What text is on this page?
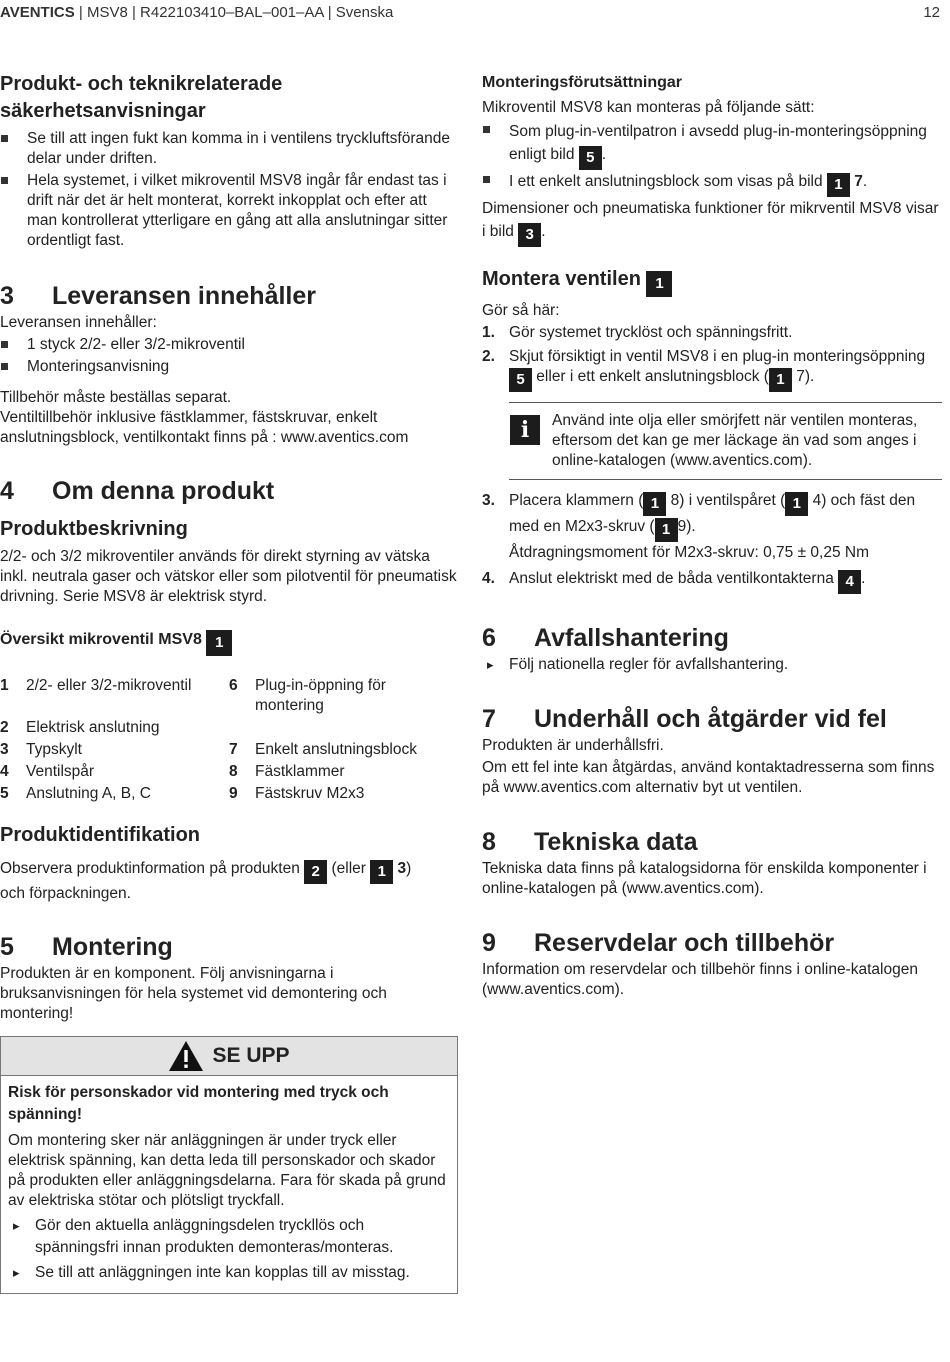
AVENTICS | MSV8 | R422103410–BAL–001–AA | Svenska	12
Produkt- och teknikrelaterade
säkerhetsanvisningar
Se till att ingen fukt kan komma in i ventilens tryckluftsförande delar under driften.
Hela systemet, i vilket mikroventil MSV8 ingår får endast tas i drift när det är helt monterat, korrekt inkopplat och efter att man kontrollerat ytterligare en gång att alla anslutningar sitter ordentligt fast.
3 Leveransen innehåller

Leveransen innehåller:

1 styck 2/2- eller 3/2-mikroventil
Monteringsanvisning

Tillbehör måste beställas separat.

Ventiltillbehör inklusive fästklammer, fästskruvar, enkelt anslutningsblock, ventilkontakt finns på : www.aventics.com

4 Om denna produkt
Produktbeskrivning

2/2- och 3/2 mikroventiler används för direkt styrning av vätska inkl. neutrala gaser och vätskor eller som pilotventil för pneumatisk drivning. Serie MSV8 är elektrisk styrd.

Översikt mikroventil MSV8 1
1	2/2- eller 3/2-mikroventil	6	Plug-in-öppning för montering
2	Elektrisk anslutning
3	Typskylt	7	Enkelt anslutningsblock
4	Ventilspår	8	Fästklammer
5	Anslutning A, B, C	9	Fästskruv M2x3
Produktidentifikation

Observera produktinformation på produkten 2 (eller 1 3)
och förpackningen.

5 Montering

Produkten är en komponent. Följ anvisningarna i bruksanvisningen för hela systemet vid demontering och montering!

SE UPP

Risk för personskador vid montering med tryck och spänning!

Om montering sker när anläggningen är under tryck eller elektrisk spänning, kan detta leda till personskador och skador på produkten eller anläggningsdelarna. Fara för skada på grund av elektriska stötar och plötsligt tryckfall.

▸ Gör den aktuella anläggningsdelen tryckllös och spänningsfri innan produkten demonteras/monteras.
▸ Se till att anläggningen inte kan kopplas till av misstag.
Monteringsförutsättningar

Mikroventil MSV8 kan monteras på följande sätt:

Som plug-in-ventilpatron i avsedd plug-in-monteringsöppning enligt bild 5 .
I ett enkelt anslutningsblock som visas på bild 1 7.

Dimensioner och pneumatiska funktioner för mikrventil MSV8 visar i bild 3 .

Montera ventilen 1

Gör så här:

1. Gör systemet trycklöst och spänningsfritt.
2. Skjut försiktigt in ventil MSV8 i en plug-in monteringsöppning 5 eller i ett enkelt anslutningsblock ( 1 7).
i	Använd inte olja eller smörjfett när ventilen monteras, eftersom det kan ge mer läckage än vad som anges i online-katalogen (www.aventics.com).

3. Placera klammern ( 1 8) i ventilspåret ( 1 4) och fäst den med en M2x3-skruv ( 1 9).
Åtdragningsmoment för M2x3-skruv: 0,75 ± 0,25 Nm
4. Anslut elektriskt med de båda ventilkontakterna 4 .
6 Avfallshantering
▸ Följ nationella regler för avfallshantering.
7 Underhåll och åtgärder vid fel

Produkten är underhållsfri.

Om ett fel inte kan åtgärdas, använd kontaktadresserna som finns på www.aventics.com alternativ byt ut ventilen.

8 Tekniska data

Tekniska data finns på katalogsidorna för enskilda komponenter i online-katalogen på (www.aventics.com).

9 Reservdelar och tillbehör

Information om reservdelar och tillbehör finns i online-katalogen (www.aventics.com).
